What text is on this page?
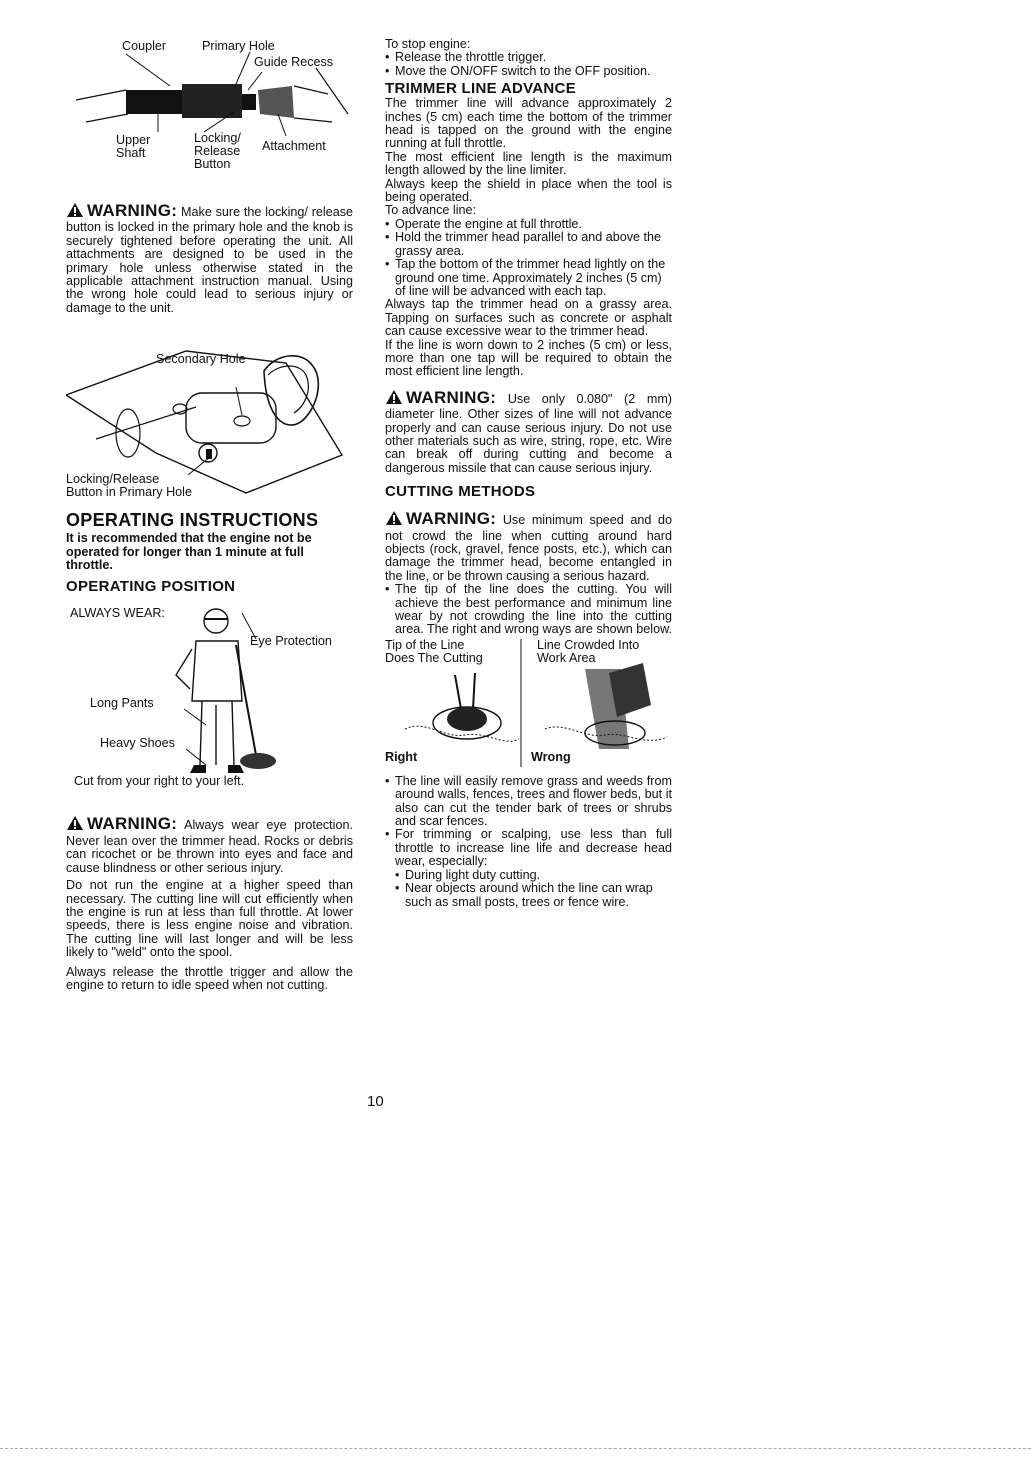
Coupler	Primary Hole
Guide Recess
Upper
Shaft
Locking/
Release
Button
Attachment

WARNING: Make sure the locking/ release button is locked in the primary hole and the knob is securely tightened before operating the unit. All attachments are designed to be used in the primary hole unless otherwise stated in the applicable attachment instruction manual. Using the wrong hole could lead to serious injury or damage to the unit.

Secondary Hole
Locking/Release
Button in Primary Hole

OPERATING INSTRUCTIONS

It is recommended that the engine not be operated for longer than 1 minute at full throttle.

OPERATING POSITION

ALWAYS WEAR:
Eye Protection
Long Pants
Heavy Shoes
Cut from your right to your left.

WARNING: Always wear eye protection. Never lean over the trimmer head. Rocks or debris can ricochet or be thrown into eyes and face and cause blindness or other serious injury.

Do not run the engine at a higher speed than necessary. The cutting line will cut efficiently when the engine is run at less than full throttle. At lower speeds, there is less engine noise and vibration. The cutting line will last longer and will be less likely to "weld" onto the spool.

Always release the throttle trigger and allow the engine to return to idle speed when not cutting.

To stop engine:

• Release the throttle trigger.
• Move the ON/OFF switch to the OFF position.

TRIMMER LINE ADVANCE

The trimmer line will advance approximately 2 inches (5 cm) each time the bottom of the trimmer head is tapped on the ground with the engine running at full throttle.

The most efficient line length is the maximum length allowed by the line limiter.

Always keep the shield in place when the tool is being operated.

To advance line:

• Operate the engine at full throttle.
• Hold the trimmer head parallel to and above the grassy area.
• Tap the bottom of the trimmer head lightly on the ground one time. Approximately 2 inches (5 cm) of line will be advanced with each tap.

Always tap the trimmer head on a grassy area. Tapping on surfaces such as concrete or asphalt can cause excessive wear to the trimmer head.

If the line is worn down to 2 inches (5 cm) or less, more than one tap will be required to obtain the most efficient line length.

WARNING: Use only 0.080" (2 mm) diameter line. Other sizes of line will not advance properly and can cause serious injury. Do not use other materials such as wire, string, rope, etc. Wire can break off during cutting and become a dangerous missile that can cause serious injury.

CUTTING METHODS

WARNING: Use minimum speed and do not crowd the line when cutting around hard objects (rock, gravel, fence posts, etc.), which can damage the trimmer head, become entangled in the line, or be thrown causing a serious hazard.

• The tip of the line does the cutting. You will achieve the best performance and minimum line wear by not crowding the line into the cutting area. The right and wrong ways are shown below.
Tip of the Line
Does The Cutting
Line Crowded Into
Work Area
Right	Wrong
• The line will easily remove grass and weeds from around walls, fences, trees and flower beds, but it also can cut the tender bark of trees or shrubs and scar fences.
• For trimming or scalping, use less than full throttle to increase line life and decrease head wear, especially:
• During light duty cutting.
• Near objects around which the line can wrap such as small posts, trees or fence wire.
10
